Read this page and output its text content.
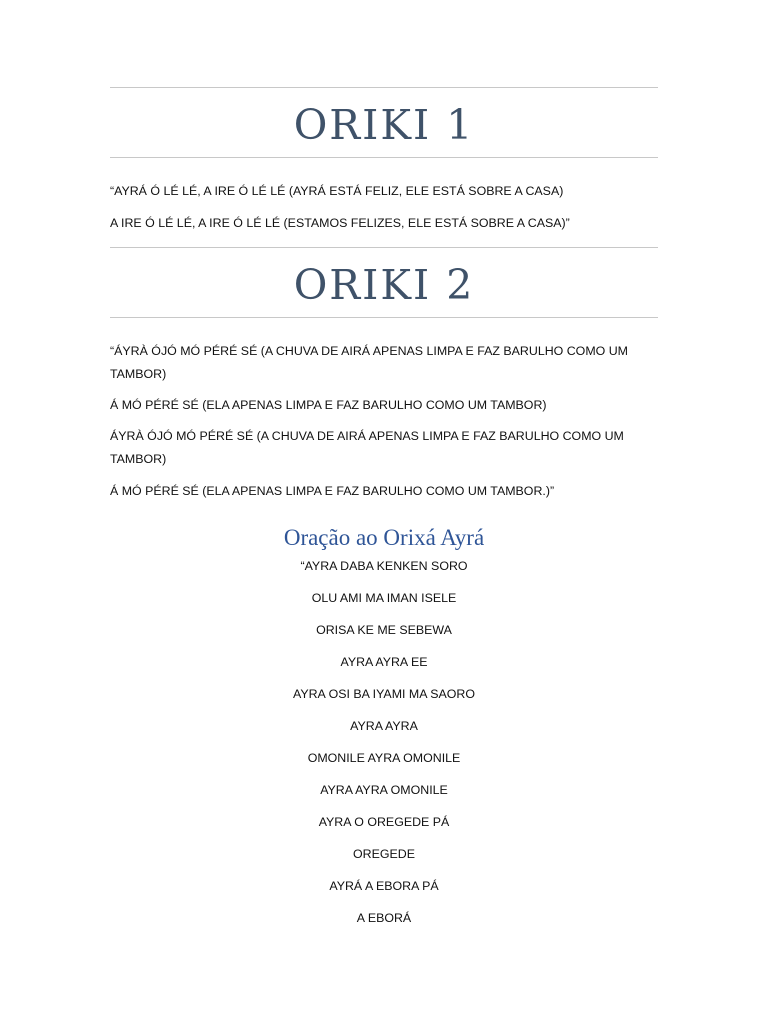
ORIKI 1
“AYRÁ Ó LÉ LÉ, A IRE Ó LÉ LÉ (AYRÁ ESTÁ FELIZ, ELE ESTÁ SOBRE A CASA)
A IRE Ó LÉ LÉ, A IRE Ó LÉ LÉ (ESTAMOS FELIZES, ELE ESTÁ SOBRE A CASA)”
ORIKI 2
“ÁYRÀ ÓJÓ MÓ PÉRÉ SÉ (A CHUVA DE AIRÁ APENAS LIMPA E FAZ BARULHO COMO UM TAMBOR)
Á MÓ PÉRÉ SÉ (ELA APENAS LIMPA E FAZ BARULHO COMO UM TAMBOR)
ÁYRÀ ÓJÓ MÓ PÉRÉ SÉ (A CHUVA DE AIRÁ APENAS LIMPA E FAZ BARULHO COMO UM TAMBOR)
Á MÓ PÉRÉ SÉ (ELA APENAS LIMPA E FAZ BARULHO COMO UM TAMBOR.)”
Oração ao Orixá Ayrá
“AYRA DABA KENKEN SORO
OLU AMI MA IMAN ISELE
ORISA KE ME SEBEWA
AYRA AYRA EE
AYRA OSI BA IYAMI MA SAORO
AYRA AYRA
OMONILE AYRA OMONILE
AYRA AYRA OMONILE
AYRA O OREGEDE PÁ
OREGEDE
AYRÁ A EBORA PÁ
A EBORÁ
